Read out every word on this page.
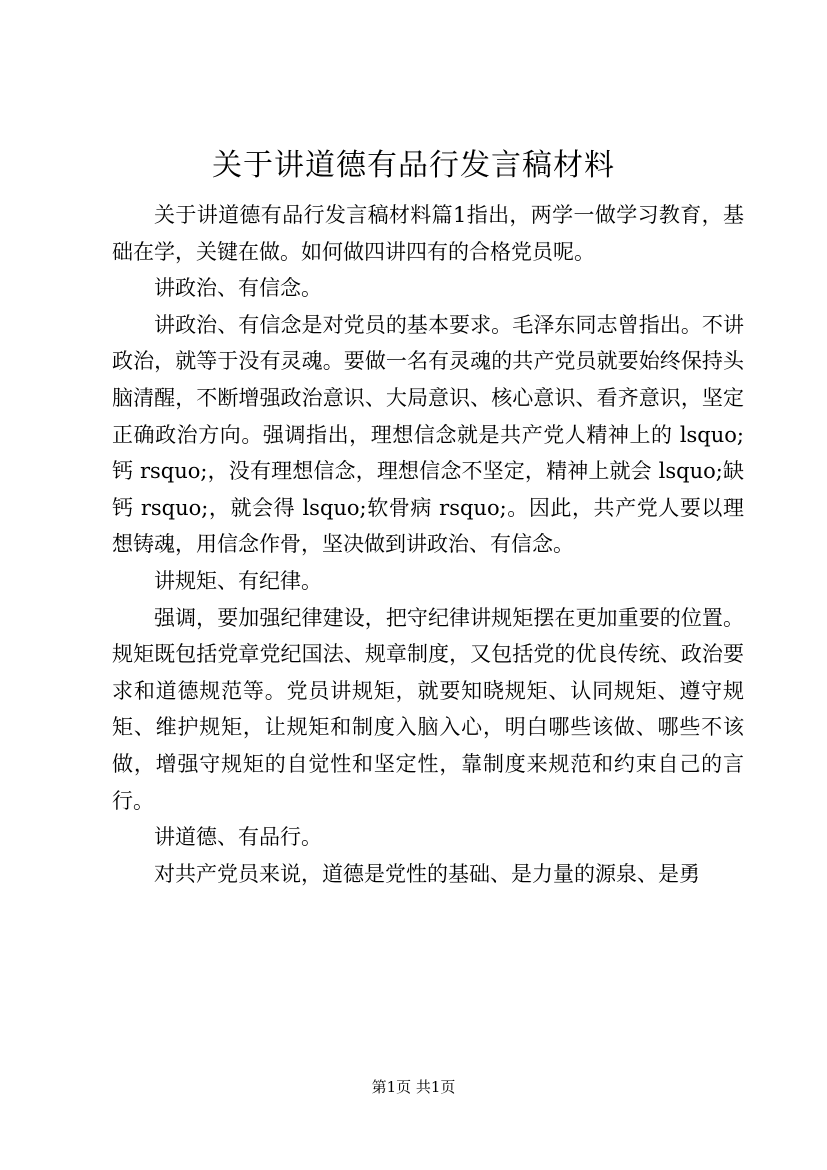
关于讲道德有品行发言稿材料

关于讲道德有品行发言稿材料篇1指出，两学一做学习教育，基础在学，关键在做。如何做四讲四有的合格党员呢。

讲政治、有信念。

讲政治、有信念是对党员的基本要求。毛泽东同志曾指出。不讲政治，就等于没有灵魂。要做一名有灵魂的共产党员就要始终保持头脑清醒，不断增强政治意识、大局意识、核心意识、看齐意识，坚定正确政治方向。强调指出，理想信念就是共产党人精神上的 lsquo;钙 rsquo;，没有理想信念，理想信念不坚定，精神上就会 lsquo;缺钙 rsquo;，就会得 lsquo;软骨病 rsquo;。因此，共产党人要以理想铸魂，用信念作骨，坚决做到讲政治、有信念。

讲规矩、有纪律。

强调，要加强纪律建设，把守纪律讲规矩摆在更加重要的位置。规矩既包括党章党纪国法、规章制度，又包括党的优良传统、政治要求和道德规范等。党员讲规矩，就要知晓规矩、认同规矩、遵守规矩、维护规矩，让规矩和制度入脑入心，明白哪些该做、哪些不该做，增强守规矩的自觉性和坚定性，靠制度来规范和约束自己的言行。

讲道德、有品行。

对共产党员来说，道德是党性的基础、是力量的源泉、是勇

第1页 共1页
